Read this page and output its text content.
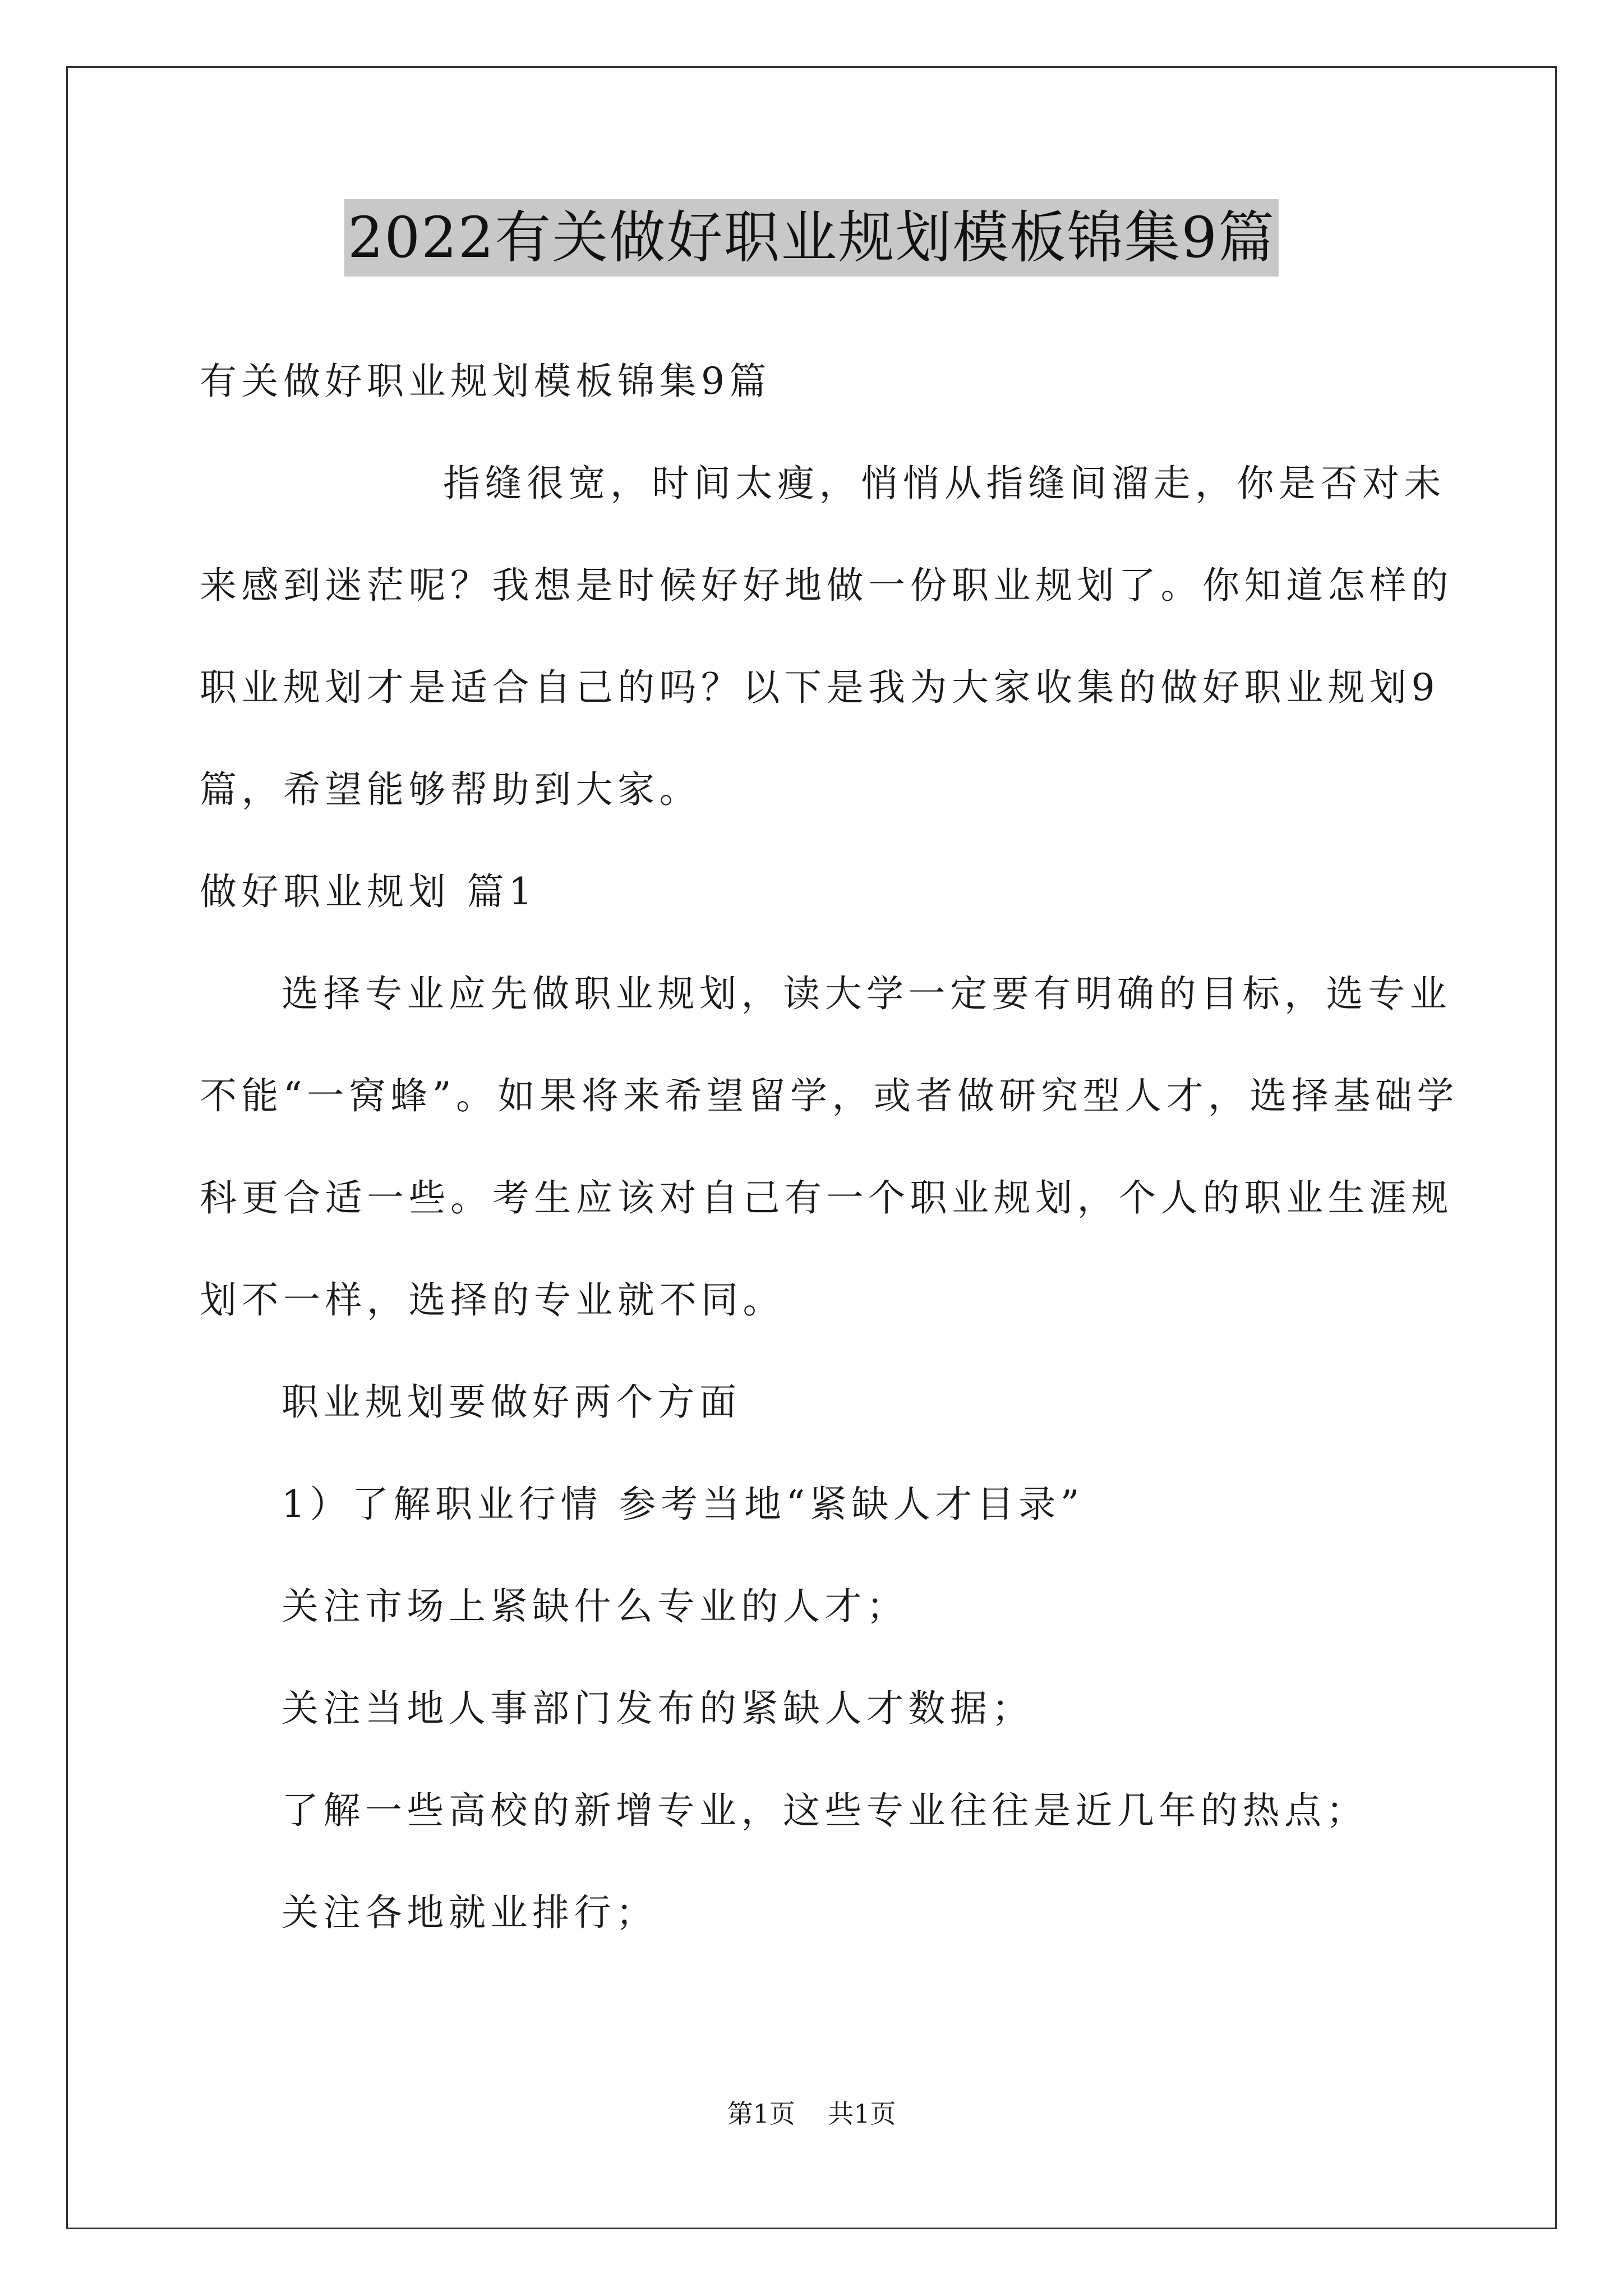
2022有关做好职业规划模板锦集9篇
有关做好职业规划模板锦集9篇
指缝很宽，时间太瘦，悄悄从指缝间溜走，你是否对未
来感到迷茫呢？我想是时候好好地做一份职业规划了。你知道怎样的
职业规划才是适合自己的吗？以下是我为大家收集的做好职业规划9
篇，希望能够帮助到大家。
做好职业规划 篇1
选择专业应先做职业规划，读大学一定要有明确的目标，选专业
不能“一窝蜂”。如果将来希望留学，或者做研究型人才，选择基础学
科更合适一些。考生应该对自己有一个职业规划，个人的职业生涯规
划不一样，选择的专业就不同。
职业规划要做好两个方面
1）了解职业行情 参考当地“紧缺人才目录”
关注市场上紧缺什么专业的人才；
关注当地人事部门发布的紧缺人才数据；
了解一些高校的新增专业，这些专业往往是近几年的热点；
关注各地就业排行；
第1页    共1页
